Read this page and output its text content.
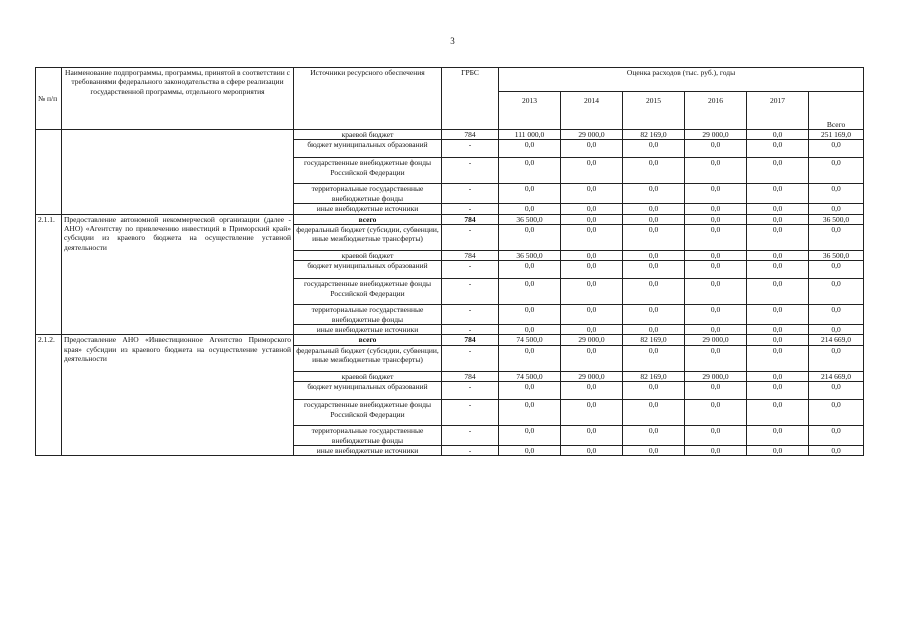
3
№ п/п	Наименование подпрограммы, программы, принятой в соответствии с требованиями федерального законодательства в сфере реализации государственной программы, отдельного мероприятия	Источники ресурсного обеспечения	ГРБС	Оценка расходов (тыс. руб.), годы					
				2013	2014	2015	2016	2017	Всего
		краевой бюджет	784	111 000,0	29 000,0	82 169,0	29 000,0	0,0	251 169,0
		бюджет муниципальных образований	-	0,0	0,0	0,0	0,0	0,0	0,0
		государственные внебюджетные фонды Российской Федерации	-	0,0	0,0	0,0	0,0	0,0	0,0
		территориальные государственные внебюджетные фонды	-	0,0	0,0	0,0	0,0	0,0	0,0
		иные внебюджетные источники	-	0,0	0,0	0,0	0,0	0,0	0,0
2.1.1.	Предоставление автономной некоммерческой организации (далее - АНО) «Агентству по привлечению инвестиций в Приморский край» субсидии из краевого бюджета на осуществление уставной деятельности	всего	784	36 500,0	0,0	0,0	0,0	0,0	36 500,0
		федеральный бюджет (субсидии, субвенции, иные межбюджетные трансферты)	-	0,0	0,0	0,0	0,0	0,0	0,0
		краевой бюджет	784	36 500,0	0,0	0,0	0,0	0,0	36 500,0
		бюджет муниципальных образований	-	0,0	0,0	0,0	0,0	0,0	0,0
		государственные внебюджетные фонды Российской Федерации	-	0,0	0,0	0,0	0,0	0,0	0,0
		территориальные государственные внебюджетные фонды	-	0,0	0,0	0,0	0,0	0,0	0,0
		иные внебюджетные источники	-	0,0	0,0	0,0	0,0	0,0	0,0
2.1.2.	Предоставление АНО «Инвестиционное Агентство Приморского края» субсидии из краевого бюджета на осуществление уставной деятельности	всего	784	74 500,0	29 000,0	82 169,0	29 000,0	0,0	214 669,0
		федеральный бюджет (субсидии, субвенции, иные межбюджетные трансферты)	-	0,0	0,0	0,0	0,0	0,0	0,0
		краевой бюджет	784	74 500,0	29 000,0	82 169,0	29 000,0	0,0	214 669,0
		бюджет муниципальных образований	-	0,0	0,0	0,0	0,0	0,0	0,0
		государственные внебюджетные фонды Российской Федерации	-	0,0	0,0	0,0	0,0	0,0	0,0
		территориальные государственные внебюджетные фонды	-	0,0	0,0	0,0	0,0	0,0	0,0
		иные внебюджетные источники	-	0,0	0,0	0,0	0,0	0,0	0,0
